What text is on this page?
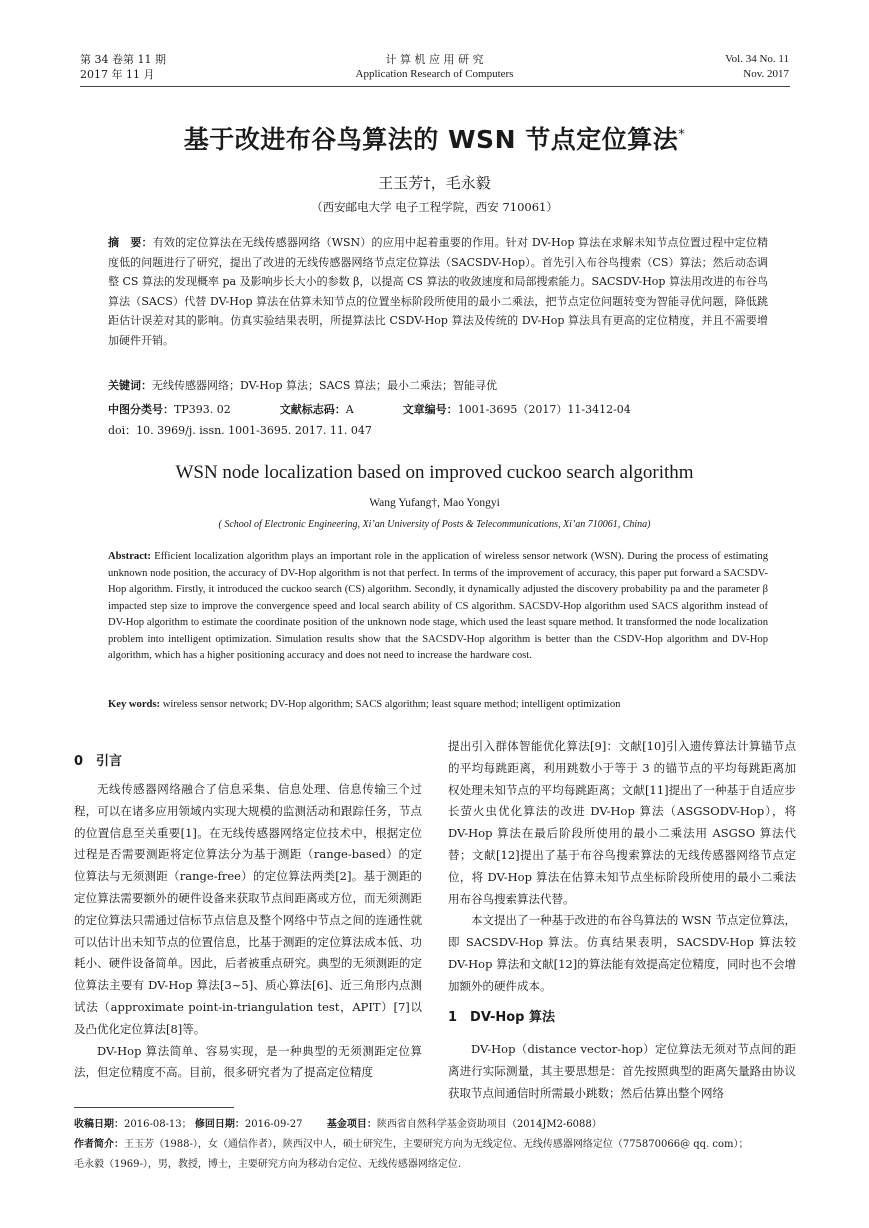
第 34 卷第 11 期
2017 年 11 月
计 算 机 应 用 研 究
Application Research of Computers
Vol. 34 No. 11
Nov. 2017
基于改进布谷鸟算法的 WSN 节点定位算法*
王玉芳†，毛永毅
（西安邮电大学 电子工程学院，西安 710061）
摘　要：有效的定位算法在无线传感器网络（WSN）的应用中起着重要的作用。针对 DV-Hop 算法在求解未知节点位置过程中定位精度低的问题进行了研究，提出了改进的无线传感器网络节点定位算法（SACSDV-Hop）。首先引入布谷鸟搜索（CS）算法；然后动态调整 CS 算法的发现概率 pa 及影响步长大小的参数 β，以提高 CS 算法的收敛速度和局部搜索能力。SACSDV-Hop 算法用改进的布谷鸟算法（SACS）代替 DV-Hop 算法在估算未知节点的位置坐标阶段所使用的最小二乘法，把节点定位问题转变为智能寻优问题，降低跳距估计误差对其的影响。仿真实验结果表明，所提算法比 CSDV-Hop 算法及传统的 DV-Hop 算法具有更高的定位精度，并且不需要增加硬件开销。
关键词：无线传感器网络；DV-Hop 算法；SACS 算法；最小二乘法；智能寻优
中图分类号：TP393. 02	文献标志码：A	文章编号：1001-3695（2017）11-3412-04
doi：10. 3969/j. issn. 1001-3695. 2017. 11. 047
WSN node localization based on improved cuckoo search algorithm
Wang Yufang†, Mao Yongyi
( School of Electronic Engineering, Xi’an University of Posts & Telecommunications, Xi’an 710061, China)
Abstract: Efficient localization algorithm plays an important role in the application of wireless sensor network (WSN). During the process of estimating unknown node position, the accuracy of DV-Hop algorithm is not that perfect. In terms of the improvement of accuracy, this paper put forward a SACSDV-Hop algorithm. Firstly, it introduced the cuckoo search (CS) algorithm. Secondly, it dynamically adjusted the discovery probability pa and the parameter β impacted step size to improve the convergence speed and local search ability of CS algorithm. SACSDV-Hop algorithm used SACS algorithm instead of DV-Hop algorithm to estimate the coordinate position of the unknown node stage, which used the least square method. It transformed the node localization problem into intelligent optimization. Simulation results show that the SACSDV-Hop algorithm is better than the CSDV-Hop algorithm and DV-Hop algorithm, which has a higher positioning accuracy and does not need to increase the hardware cost.
Key words: wireless sensor network; DV-Hop algorithm; SACS algorithm; least square method; intelligent optimization
0　引言

无线传感器网络融合了信息采集、信息处理、信息传输三个过程，可以在诸多应用领域内实现大规模的监测活动和跟踪任务，节点的位置信息至关重要[1]。在无线传感器网络定位技术中，根据定位过程是否需要测距将定位算法分为基于测距（range-based）的定位算法与无须测距（range-free）的定位算法两类[2]。基于测距的定位算法需要额外的硬件设备来获取节点间距离或方位，而无须测距的定位算法只需通过信标节点信息及整个网络中节点之间的连通性就可以估计出未知节点的位置信息，比基于测距的定位算法成本低、功耗小、硬件设备简单。因此，后者被重点研究。典型的无须测距的定位算法主要有 DV-Hop 算法[3~5]、质心算法[6]、近三角形内点测试法（approximate point-in-triangulation test，APIT）[7]以及凸优化定位算法[8]等。

DV-Hop 算法简单、容易实现，是一种典型的无须测距定位算法，但定位精度不高。目前，很多研究者为了提高定位精度

提出引入群体智能优化算法[9]：文献[10]引入遗传算法计算锚节点的平均每跳距离，利用跳数小于等于 3 的锚节点的平均每跳距离加权处理未知节点的平均每跳距离；文献[11]提出了一种基于自适应步长萤火虫优化算法的改进 DV-Hop 算法（ASGSODV-Hop），将 DV-Hop 算法在最后阶段所使用的最小二乘法用 ASGSO 算法代替；文献[12]提出了基于布谷鸟搜索算法的无线传感器网络节点定位，将 DV-Hop 算法在估算未知节点坐标阶段所使用的最小二乘法用布谷鸟搜索算法代替。

本文提出了一种基于改进的布谷鸟算法的 WSN 节点定位算法，即 SACSDV-Hop 算法。仿真结果表明，SACSDV-Hop 算法较 DV-Hop 算法和文献[12]的算法能有效提高定位精度，同时也不会增加额外的硬件成本。

1　DV-Hop 算法

DV-Hop（distance vector-hop）定位算法无须对节点间的距离进行实际测量，其主要思想是：首先按照典型的距离矢量路由协议获取节点间通信时所需最小跳数；然后估算出整个网络

收稿日期：2016-08-13； 修回日期：2016-09-27 基金项目：陕西省自然科学基金资助项目（2014JM2-6088）
作者简介：王玉芳（1988-），女（通信作者），陕西汉中人，硕士研究生，主要研究方向为无线定位、无线传感器网络定位（775870066@ qq. com）；
毛永毅（1969-），男，教授，博士，主要研究方向为移动台定位、无线传感器网络定位.
